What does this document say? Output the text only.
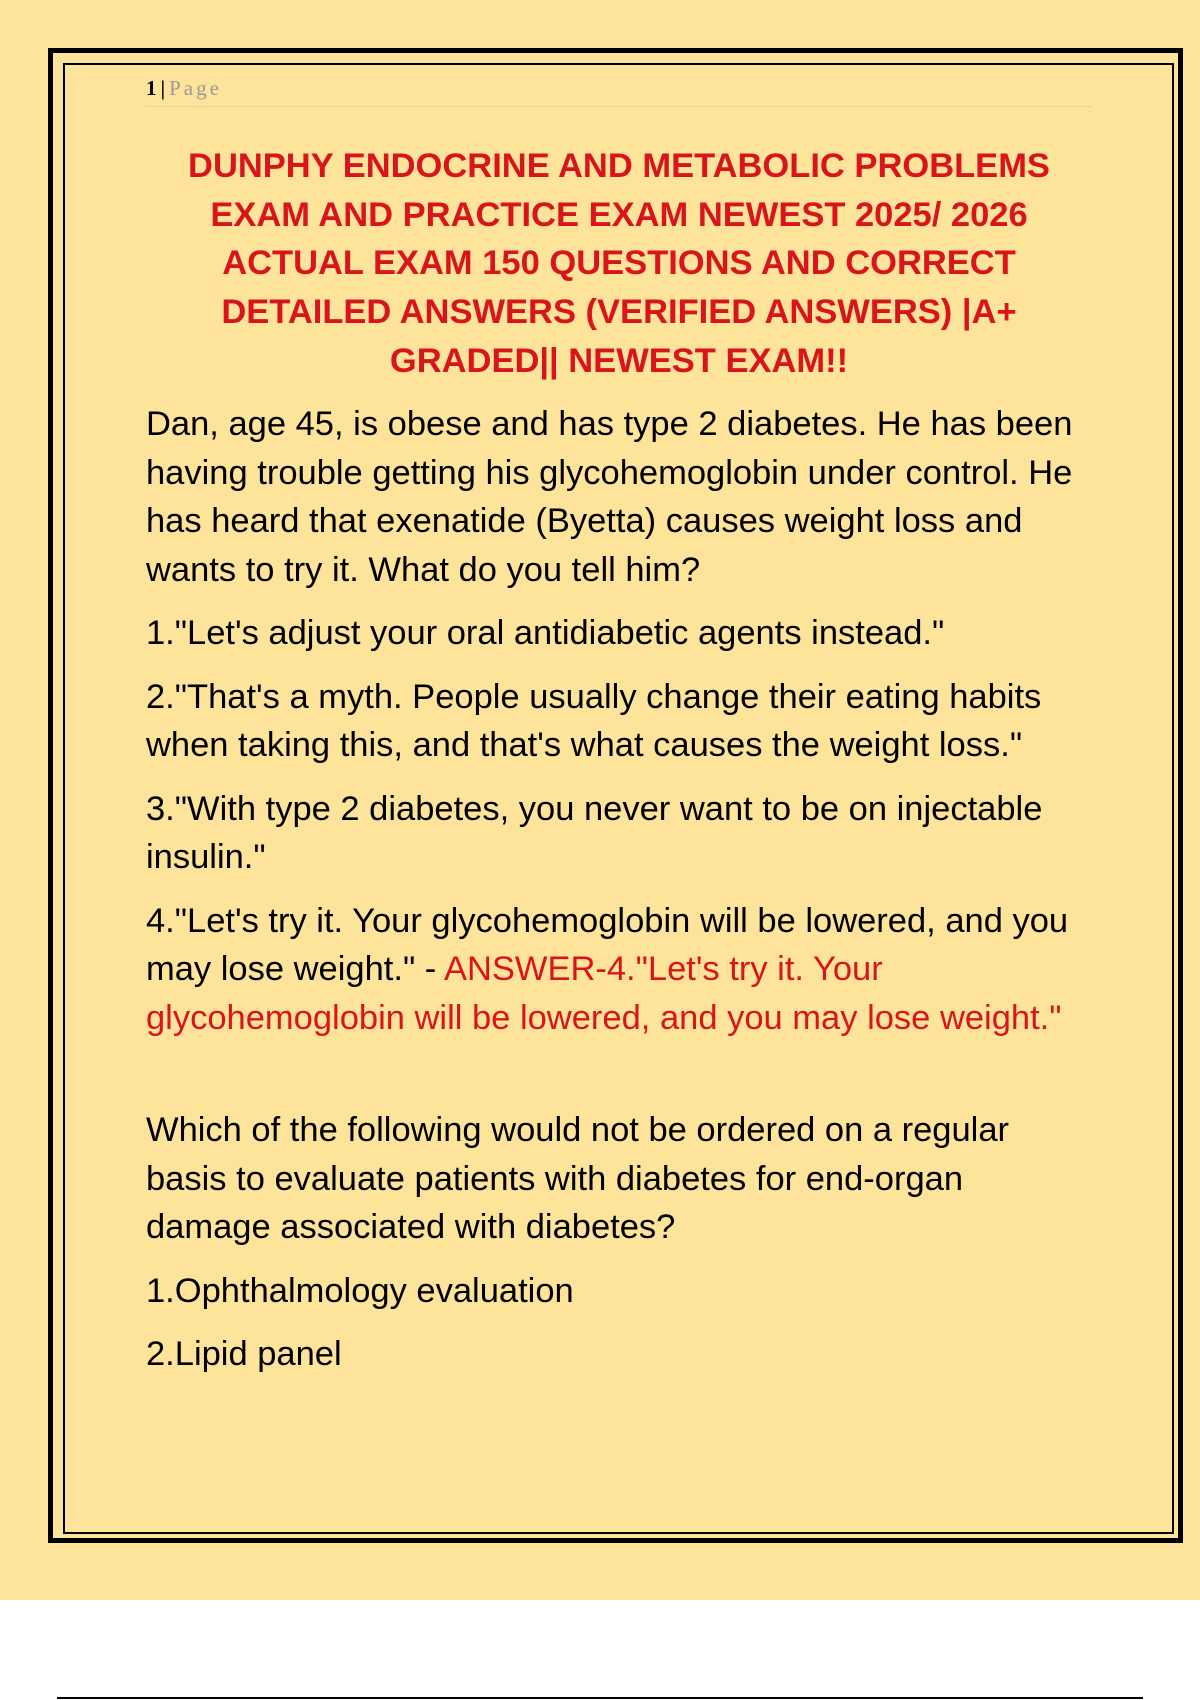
1 | Page
DUNPHY ENDOCRINE AND METABOLIC PROBLEMS EXAM AND PRACTICE EXAM NEWEST 2025/ 2026 ACTUAL EXAM 150 QUESTIONS AND CORRECT DETAILED ANSWERS (VERIFIED ANSWERS) |A+ GRADED|| NEWEST EXAM!!

Dan, age 45, is obese and has type 2 diabetes. He has been having trouble getting his glycohemoglobin under control. He has heard that exenatide (Byetta) causes weight loss and wants to try it. What do you tell him?

1."Let's adjust your oral antidiabetic agents instead."

2."That's a myth. People usually change their eating habits when taking this, and that's what causes the weight loss."

3."With type 2 diabetes, you never want to be on injectable insulin."

4."Let's try it. Your glycohemoglobin will be lowered, and you may lose weight." - ANSWER-4."Let's try it. Your glycohemoglobin will be lowered, and you may lose weight."

Which of the following would not be ordered on a regular basis to evaluate patients with diabetes for end-organ damage associated with diabetes?

1.Ophthalmology evaluation

2.Lipid panel
